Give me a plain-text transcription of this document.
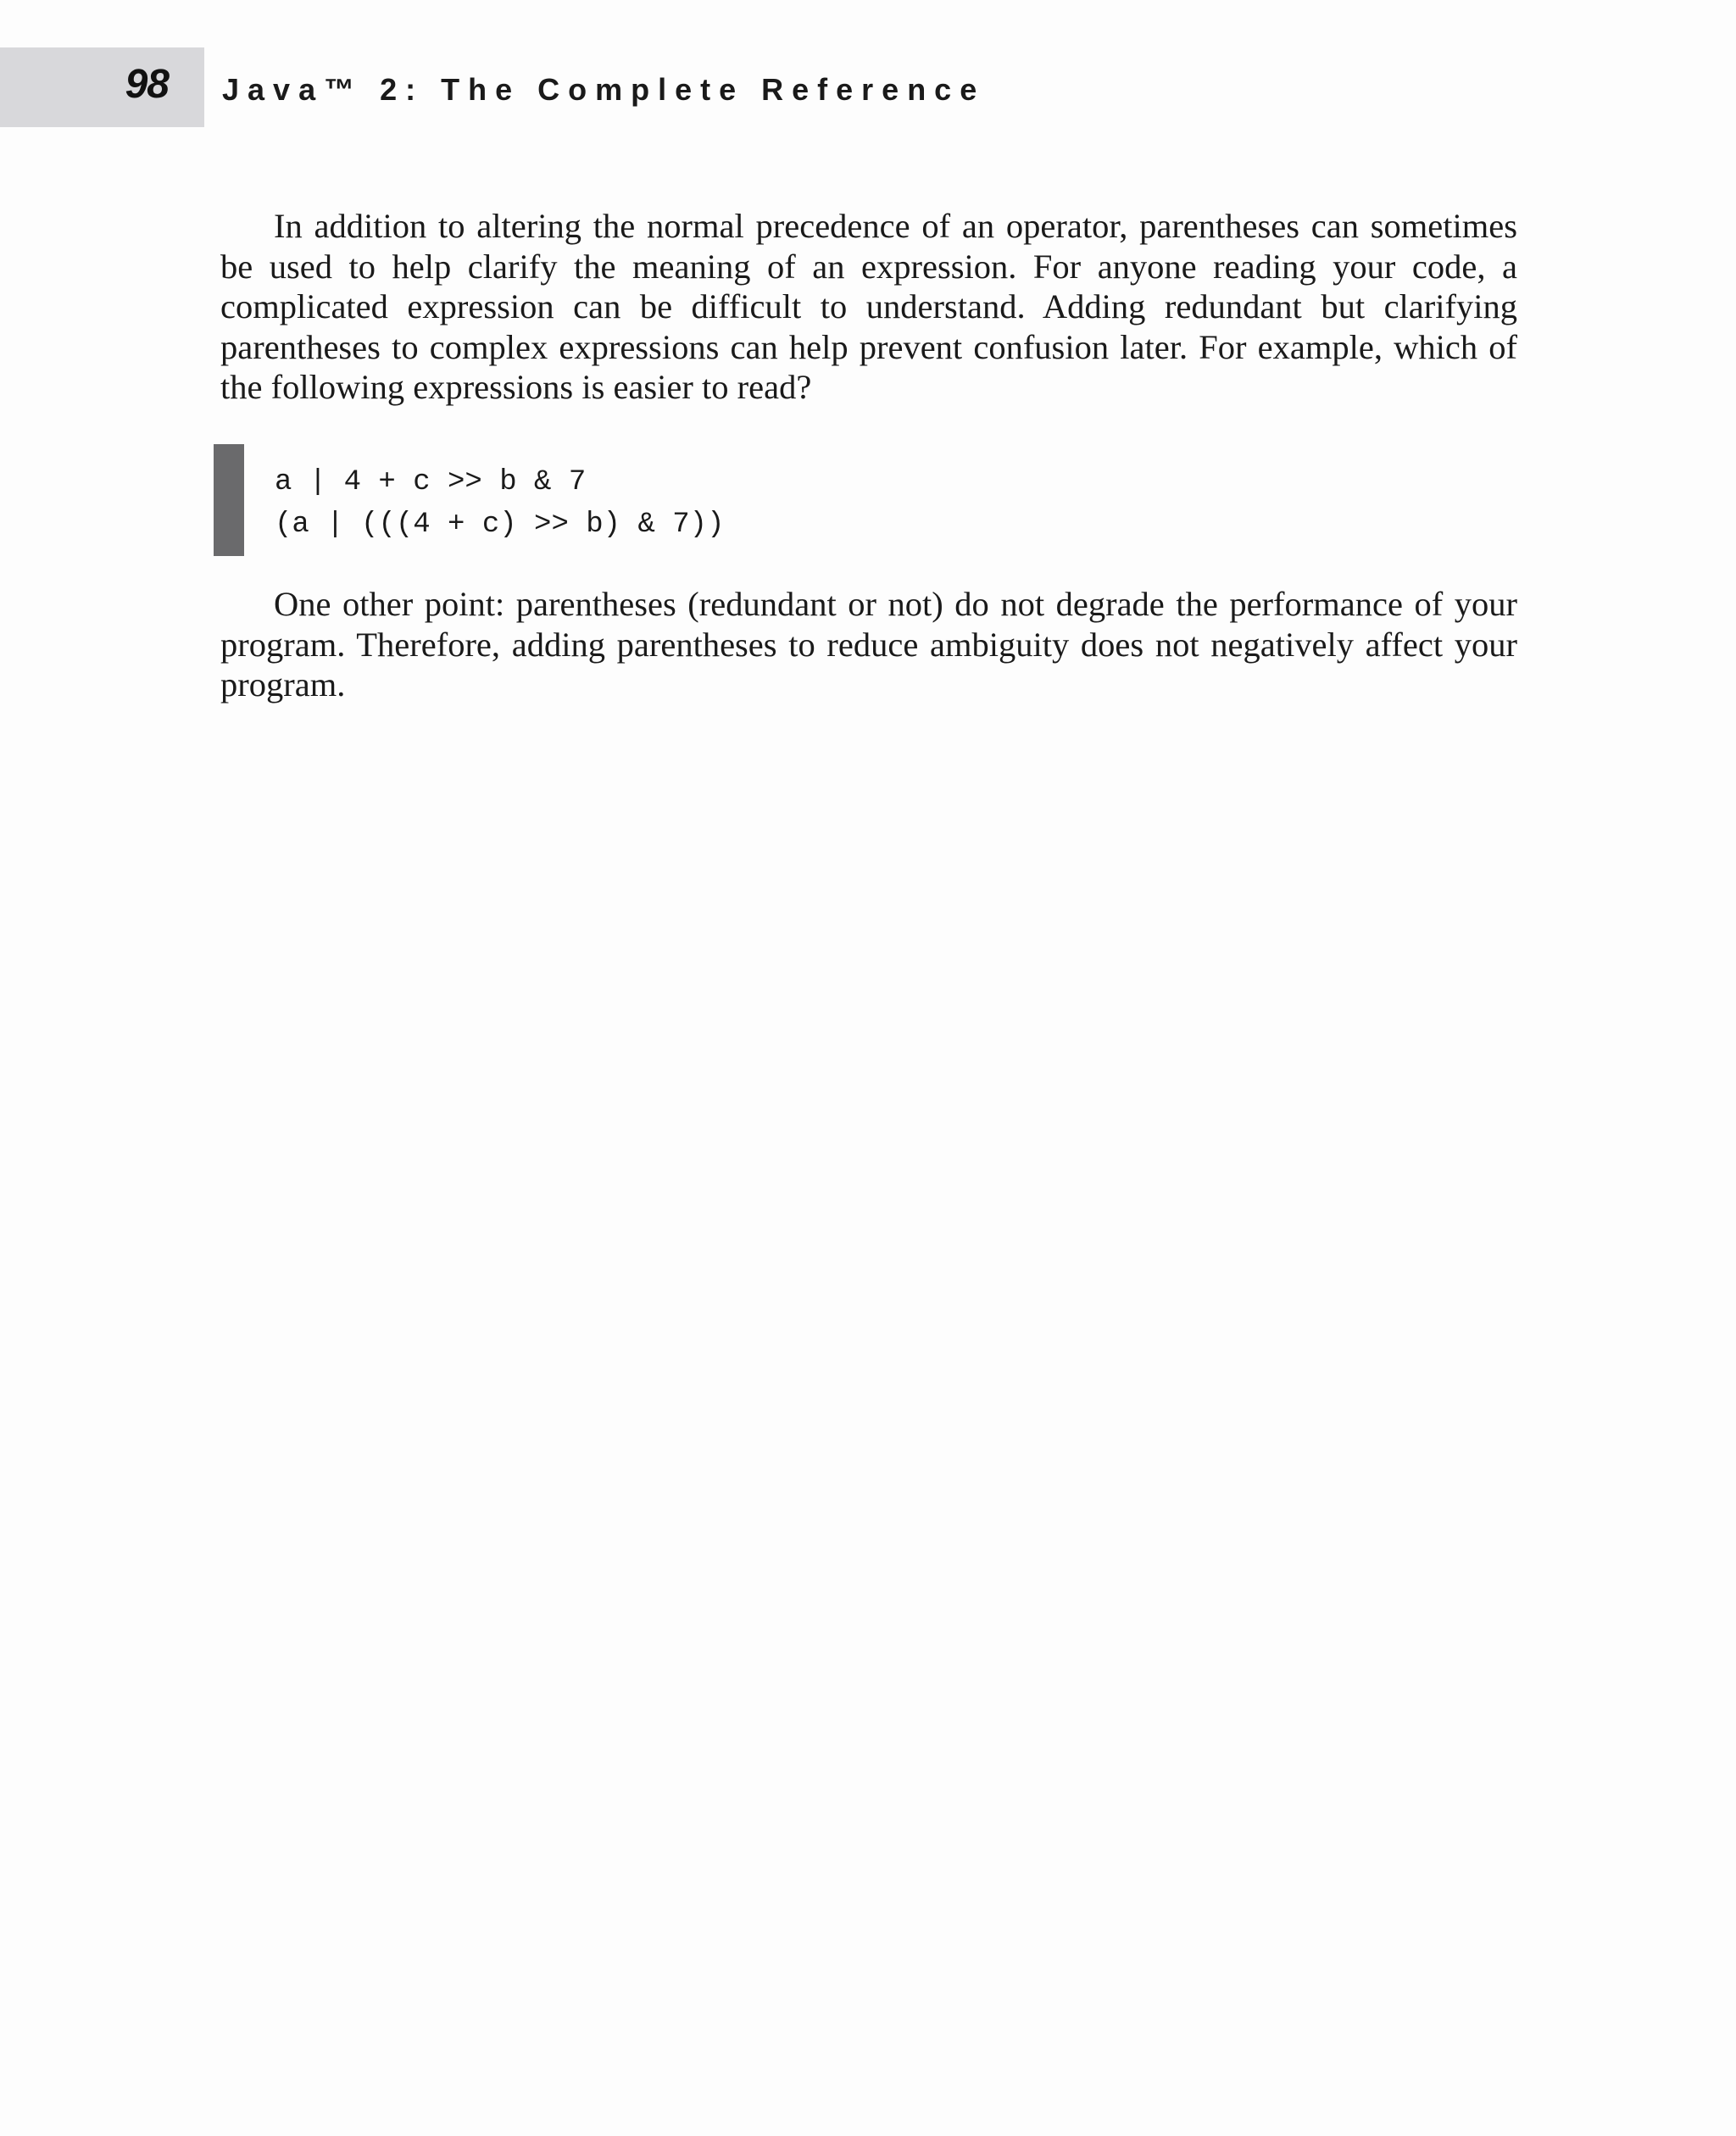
98 Java™ 2: The Complete Reference

In addition to altering the normal precedence of an operator, parentheses can sometimes be used to help clarify the meaning of an expression. For anyone reading your code, a complicated expression can be difficult to understand. Adding redundant but clarifying parentheses to complex expressions can help prevent confusion later. For example, which of the following expressions is easier to read?

a | 4 + c >> b & 7
(a | (((4 + c) >> b) & 7))

One other point: parentheses (redundant or not) do not degrade the performance of your program. Therefore, adding parentheses to reduce ambiguity does not negatively affect your program.
